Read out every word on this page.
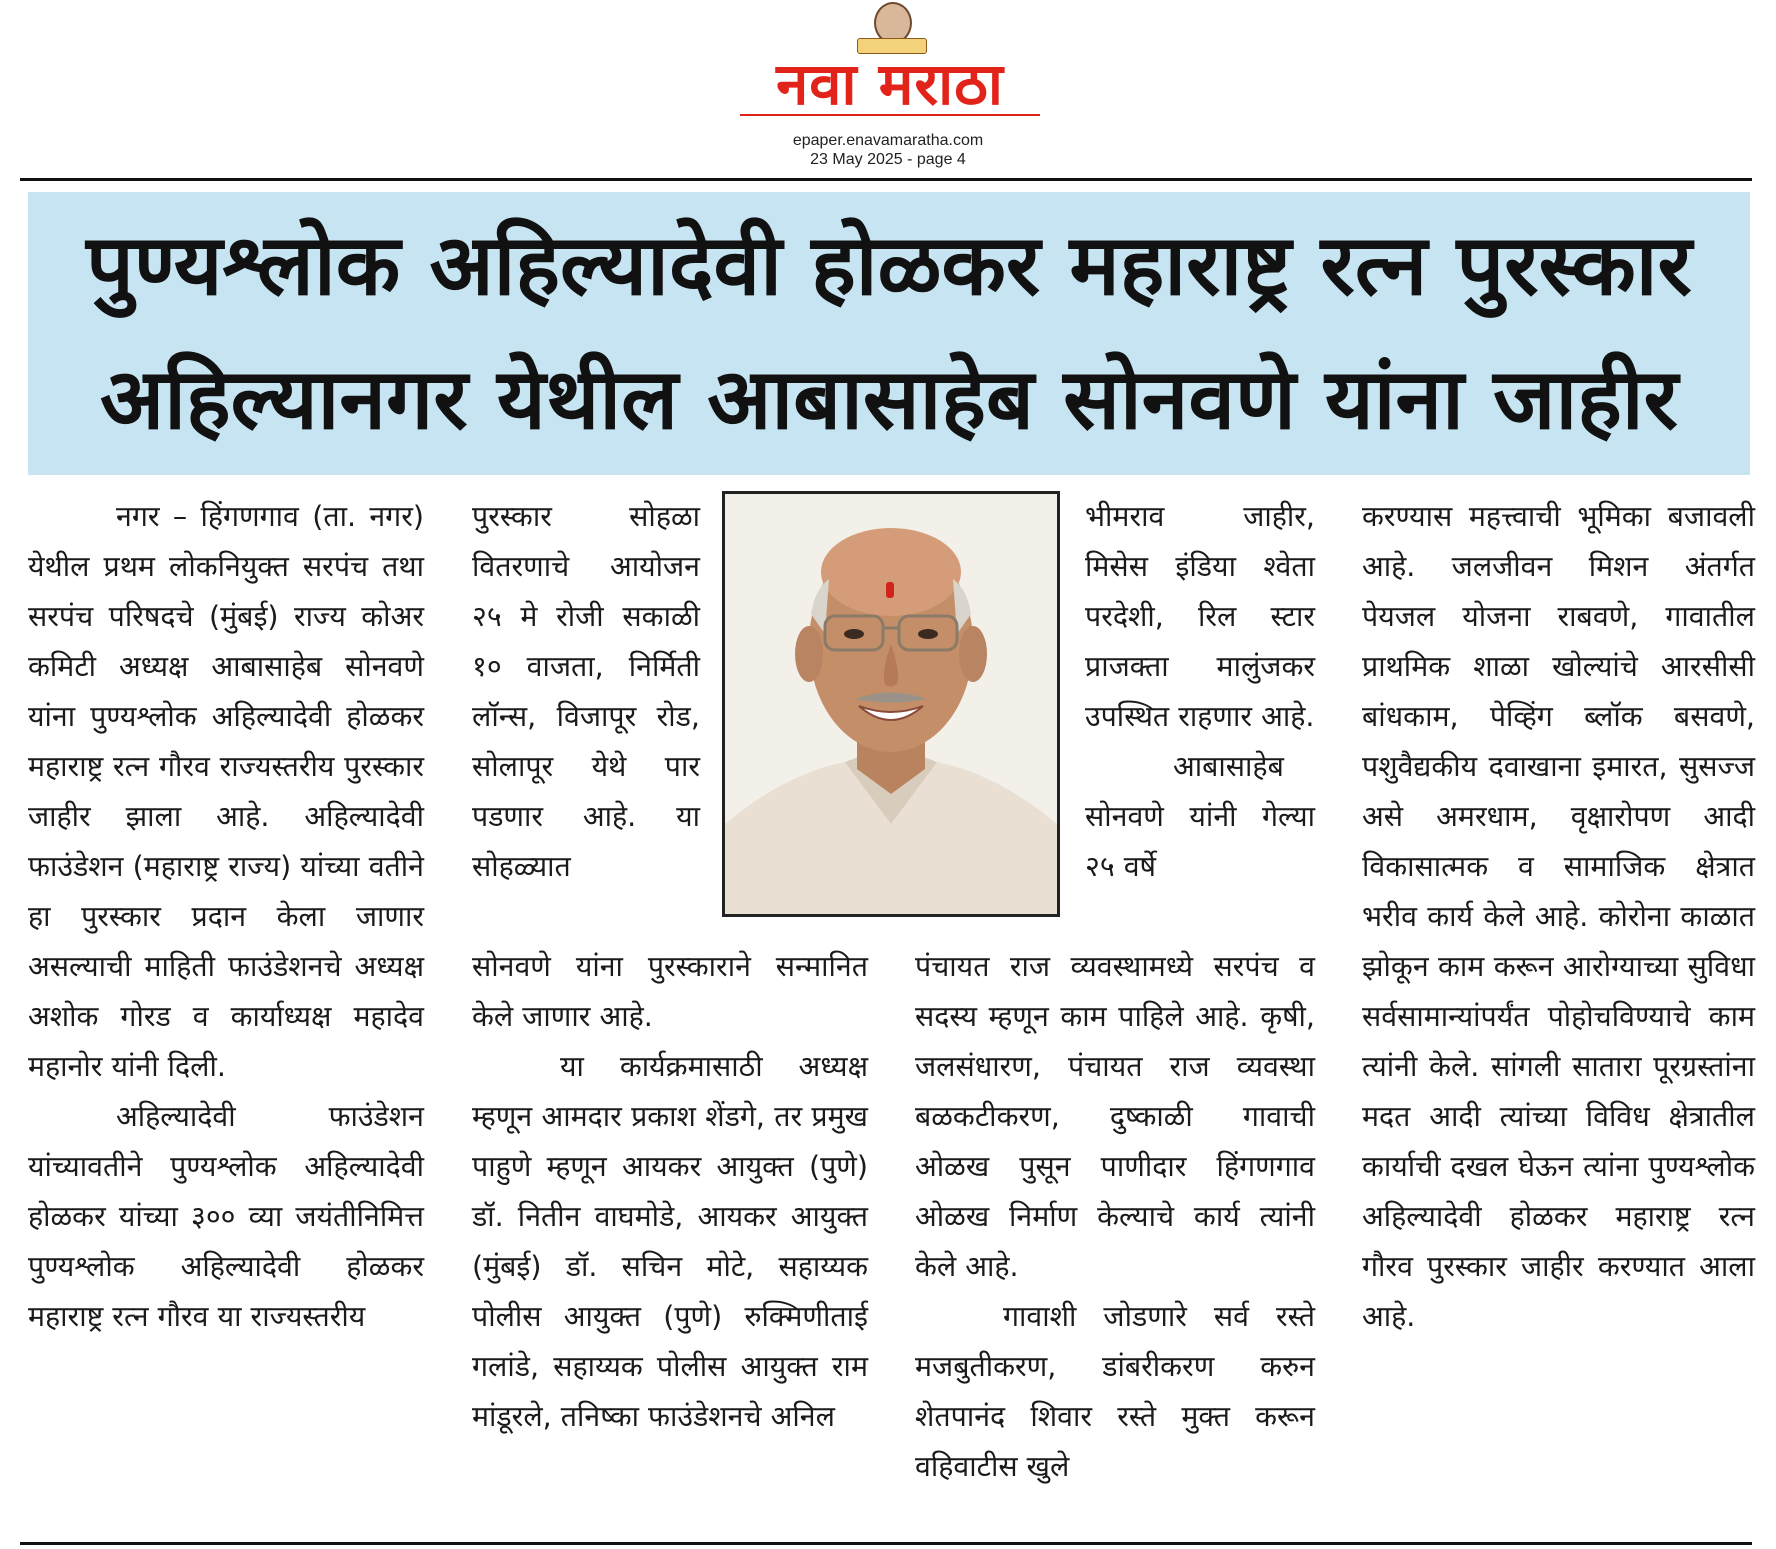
नवा मराठा
epaper.enavamaratha.com
23 May 2025 - page 4
पुण्यश्लोक अहिल्यादेवी होळकर महाराष्ट्र रत्न पुरस्कार
अहिल्यानगर येथील आबासाहेब सोनवणे यांना जाहीर

नगर – हिंगणगाव (ता. नगर) येथील प्रथम लोकनियुक्त सरपंच तथा सरपंच परिषदचे (मुंबई) राज्य कोअर कमिटी अध्यक्ष आबासाहेब सोनवणे यांना पुण्यश्लोक अहिल्यादेवी होळकर महाराष्ट्र रत्न गौरव राज्यस्तरीय पुरस्कार जाहीर झाला आहे. अहिल्यादेवी फाउंडेशन (महाराष्ट्र राज्य) यांच्या वतीने हा पुरस्कार प्रदान केला जाणार असल्याची माहिती फाउंडेशनचे अध्यक्ष अशोक गोरड व कार्याध्यक्ष महादेव महानोर यांनी दिली.

अहिल्यादेवी फाउंडेशन यांच्यावतीने पुण्यश्लोक अहिल्यादेवी होळकर यांच्या ३०० व्या जयंतीनिमित्त पुण्यश्लोक अहिल्यादेवी होळकर महाराष्ट्र रत्न गौरव या राज्यस्तरीय

पुरस्कार सोहळा वितरणाचे आयोजन २५ मे रोजी सकाळी १० वाजता, निर्मिती लॉन्स, विजापूर रोड, सोलापूर येथे पार पडणार आहे. या सोहळ्यात

सोनवणे यांना पुरस्काराने सन्मानित केले जाणार आहे.

या कार्यक्रमासाठी अध्यक्ष म्हणून आमदार प्रकाश शेंडगे, तर प्रमुख पाहुणे म्हणून आयकर आयुक्त (पुणे) डॉ. नितीन वाघमोडे, आयकर आयुक्त (मुंबई) डॉ. सचिन मोटे, सहाय्यक पोलीस आयुक्त (पुणे) रुक्मिणीताई गलांडे, सहाय्यक पोलीस आयुक्त राम मांडूरले, तनिष्का फाउंडेशनचे अनिल

भीमराव जाहीर, मिसेस इंडिया श्वेता परदेशी, रिल स्टार प्राजक्ता मालुंजकर उपस्थित राहणार आहे.

आबासाहेब सोनवणे यांनी गेल्या २५ वर्षे

पंचायत राज व्यवस्थामध्ये सरपंच व सदस्य म्हणून काम पाहिले आहे. कृषी, जलसंधारण, पंचायत राज व्यवस्था बळकटीकरण, दुष्काळी गावाची ओळख पुसून पाणीदार हिंगणगाव ओळख निर्माण केल्याचे कार्य त्यांनी केले आहे.

गावाशी जोडणारे सर्व रस्ते मजबुतीकरण, डांबरीकरण करुन शेतपानंद शिवार रस्ते मुक्त करून वहिवाटीस खुले

करण्यास महत्त्वाची भूमिका बजावली आहे. जलजीवन मिशन अंतर्गत पेयजल योजना राबवणे, गावातील प्राथमिक शाळा खोल्यांचे आरसीसी बांधकाम, पेव्हिंग ब्लॉक बसवणे, पशुवैद्यकीय दवाखाना इमारत, सुसज्ज असे अमरधाम, वृक्षारोपण आदी विकासात्मक व सामाजिक क्षेत्रात भरीव कार्य केले आहे. कोरोना काळात झोकून काम करून आरोग्याच्या सुविधा सर्वसामान्यांपर्यंत पोहोचविण्याचे काम त्यांनी केले. सांगली सातारा पूरग्रस्तांना मदत आदी त्यांच्या विविध क्षेत्रातील कार्याची दखल घेऊन त्यांना पुण्यश्लोक अहिल्यादेवी होळकर महाराष्ट्र रत्न गौरव पुरस्कार जाहीर करण्यात आला आहे.
